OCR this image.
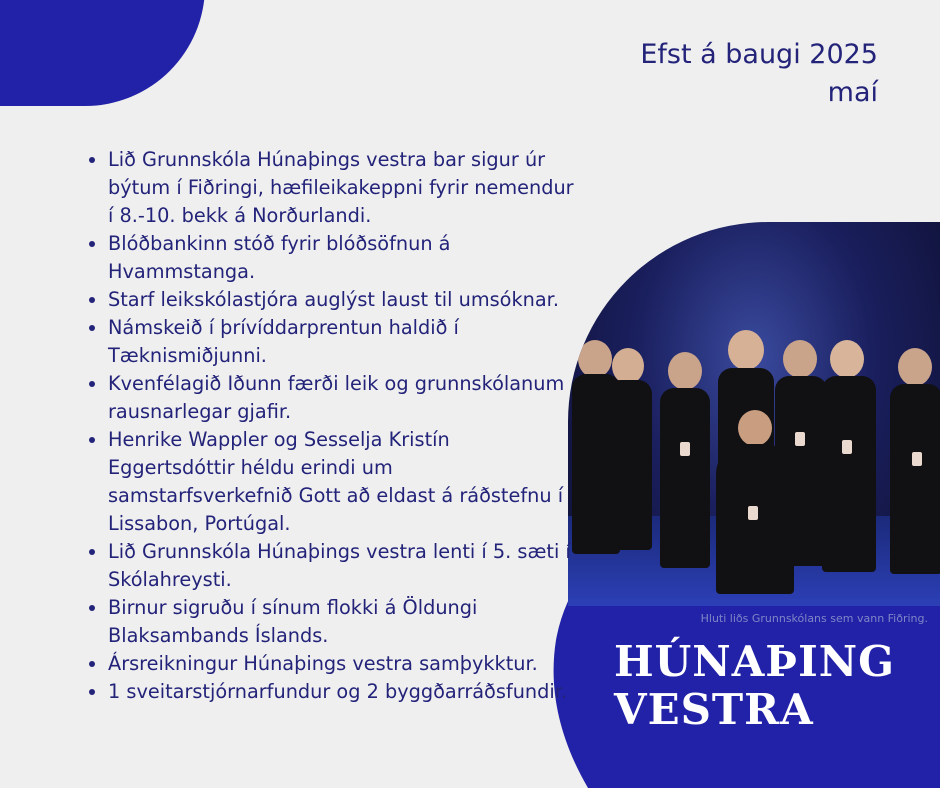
Efst á baugi 2025
maí
• Lið Grunnskóla Húnaþings vestra bar sigur úr býtum í Fiðringi, hæfileikakeppni fyrir nemendur í 8.-10. bekk á Norðurlandi.
• Blóðbankinn stóð fyrir blóðsöfnun á Hvammstanga.
• Starf leikskólastjóra auglýst laust til umsóknar.
• Námskeið í þrívíddarprentun haldið í Tæknismiðjunni.
• Kvenfélagið Iðunn færði leik og grunnskólanum rausnarlegar gjafir.
• Henrike Wappler og Sesselja Kristín Eggertsdóttir héldu erindi um samstarfsverkefnið Gott að eldast á ráðstefnu í Lissabon, Portúgal.
• Lið Grunnskóla Húnaþings vestra lenti í 5. sæti í Skólahreysti.
• Birnur sigruðu í sínum flokki á Öldungi Blaksambands Íslands.
• Ársreikningur Húnaþings vestra samþykktur.
• 1 sveitarstjórnarfundur og 2 byggðarráðsfundir.
Hluti liðs Grunnskólans sem vann Fiðring.
HÚNAÞING
VESTRA
